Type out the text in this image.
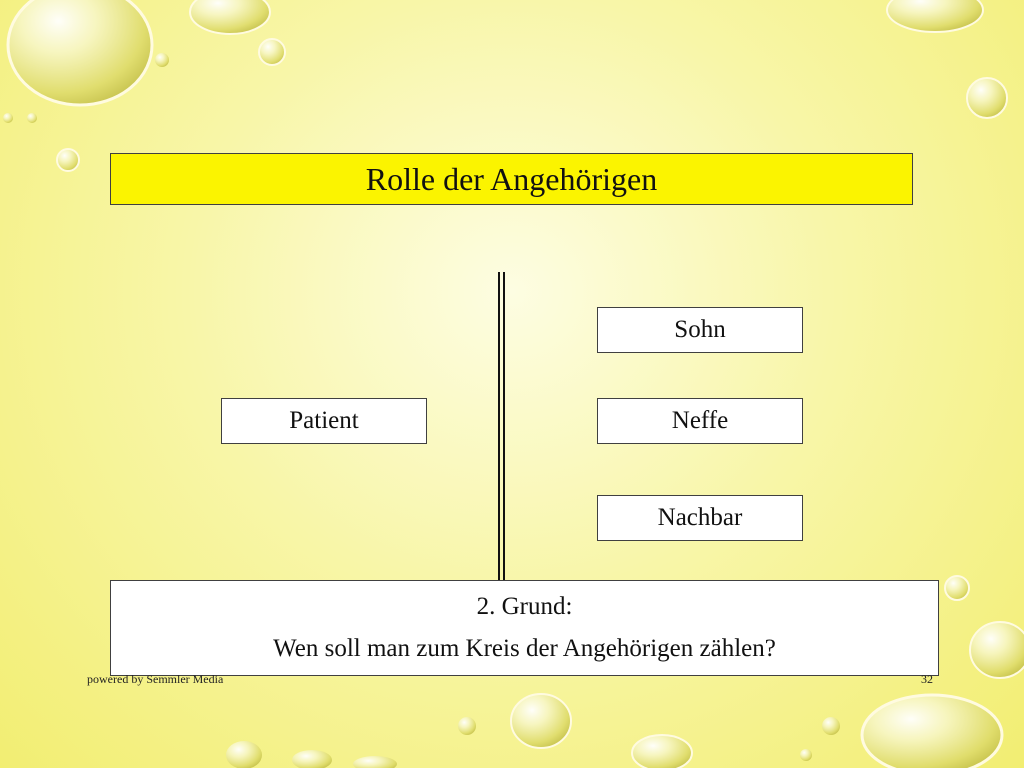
Rolle der Angehörigen
Patient
Sohn
Neffe
Nachbar
2. Grund:
Wen soll man zum Kreis der Angehörigen zählen?
powered by Semmler Media	32
